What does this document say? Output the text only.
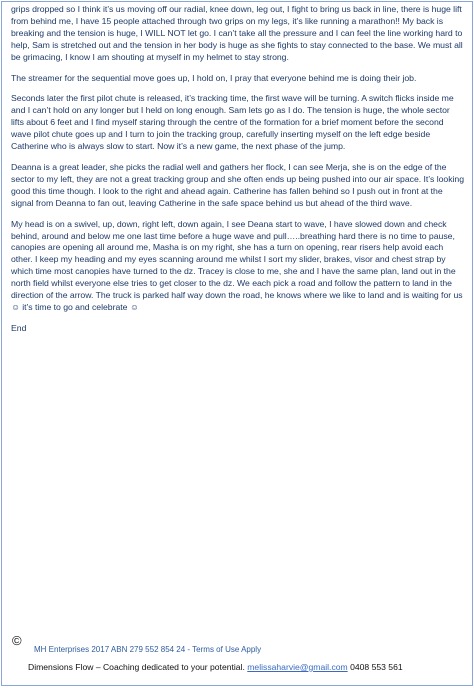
grips dropped so I think it’s us moving off our radial, knee down, leg out, I fight to bring us back in line, there is huge lift from behind me, I have 15 people attached through two grips on my legs, it’s like running a marathon!! My back is breaking and the tension is huge, I WILL NOT let go. I can’t take all the pressure and I can feel the line working hard to help, Sam is stretched out and the tension in her body is huge as she fights to stay connected to the base. We must all be grimacing, I know I am shouting at myself in my helmet to stay strong.

The streamer for the sequential move goes up, I hold on, I pray that everyone behind me is doing their job.

Seconds later the first pilot chute is released, it’s tracking time, the first wave will be turning. A switch flicks inside me and I can’t hold on any longer but I held on long enough. Sam lets go as I do. The tension is huge, the whole sector lifts about 6 feet and I find myself staring through the centre of the formation for a brief moment before the second wave pilot chute goes up and I turn to join the tracking group, carefully inserting myself on the left edge beside Catherine who is always slow to start. Now it’s a new game, the next phase of the jump.

Deanna is a great leader, she picks the radial well and gathers her flock, I can see Merja, she is on the edge of the sector to my left, they are not a great tracking group and she often ends up being pushed into our air space. It’s looking good this time though. I look to the right and ahead again. Catherine has fallen behind so I push out in front at the signal from Deanna to fan out, leaving Catherine in the safe space behind us but ahead of the third wave.

My head is on a swivel, up, down, right left, down again, I see Deana start to wave, I have slowed down and check behind, around and below me one last time before a huge wave and pull…..breathing hard there is no time to pause, canopies are opening all around me, Masha is on my right, she has a turn on opening, rear risers help avoid each other. I keep my heading and my eyes scanning around me whilst I sort my slider, brakes, visor and chest strap by which time most canopies have turned to the dz. Tracey is close to me, she and I have the same plan, land out in the north field whilst everyone else tries to get closer to the dz. We each pick a road and follow the pattern to land in the direction of the arrow. The truck is parked half way down the road, he knows where we like to land and is waiting for us ☺ it’s time to go and celebrate ☺

End

©
MH Enterprises 2017 ABN 279 552 854 24 - Terms of Use Apply
Dimensions Flow – Coaching dedicated to your potential. melissaharvie@gmail.com 0408 553 561
